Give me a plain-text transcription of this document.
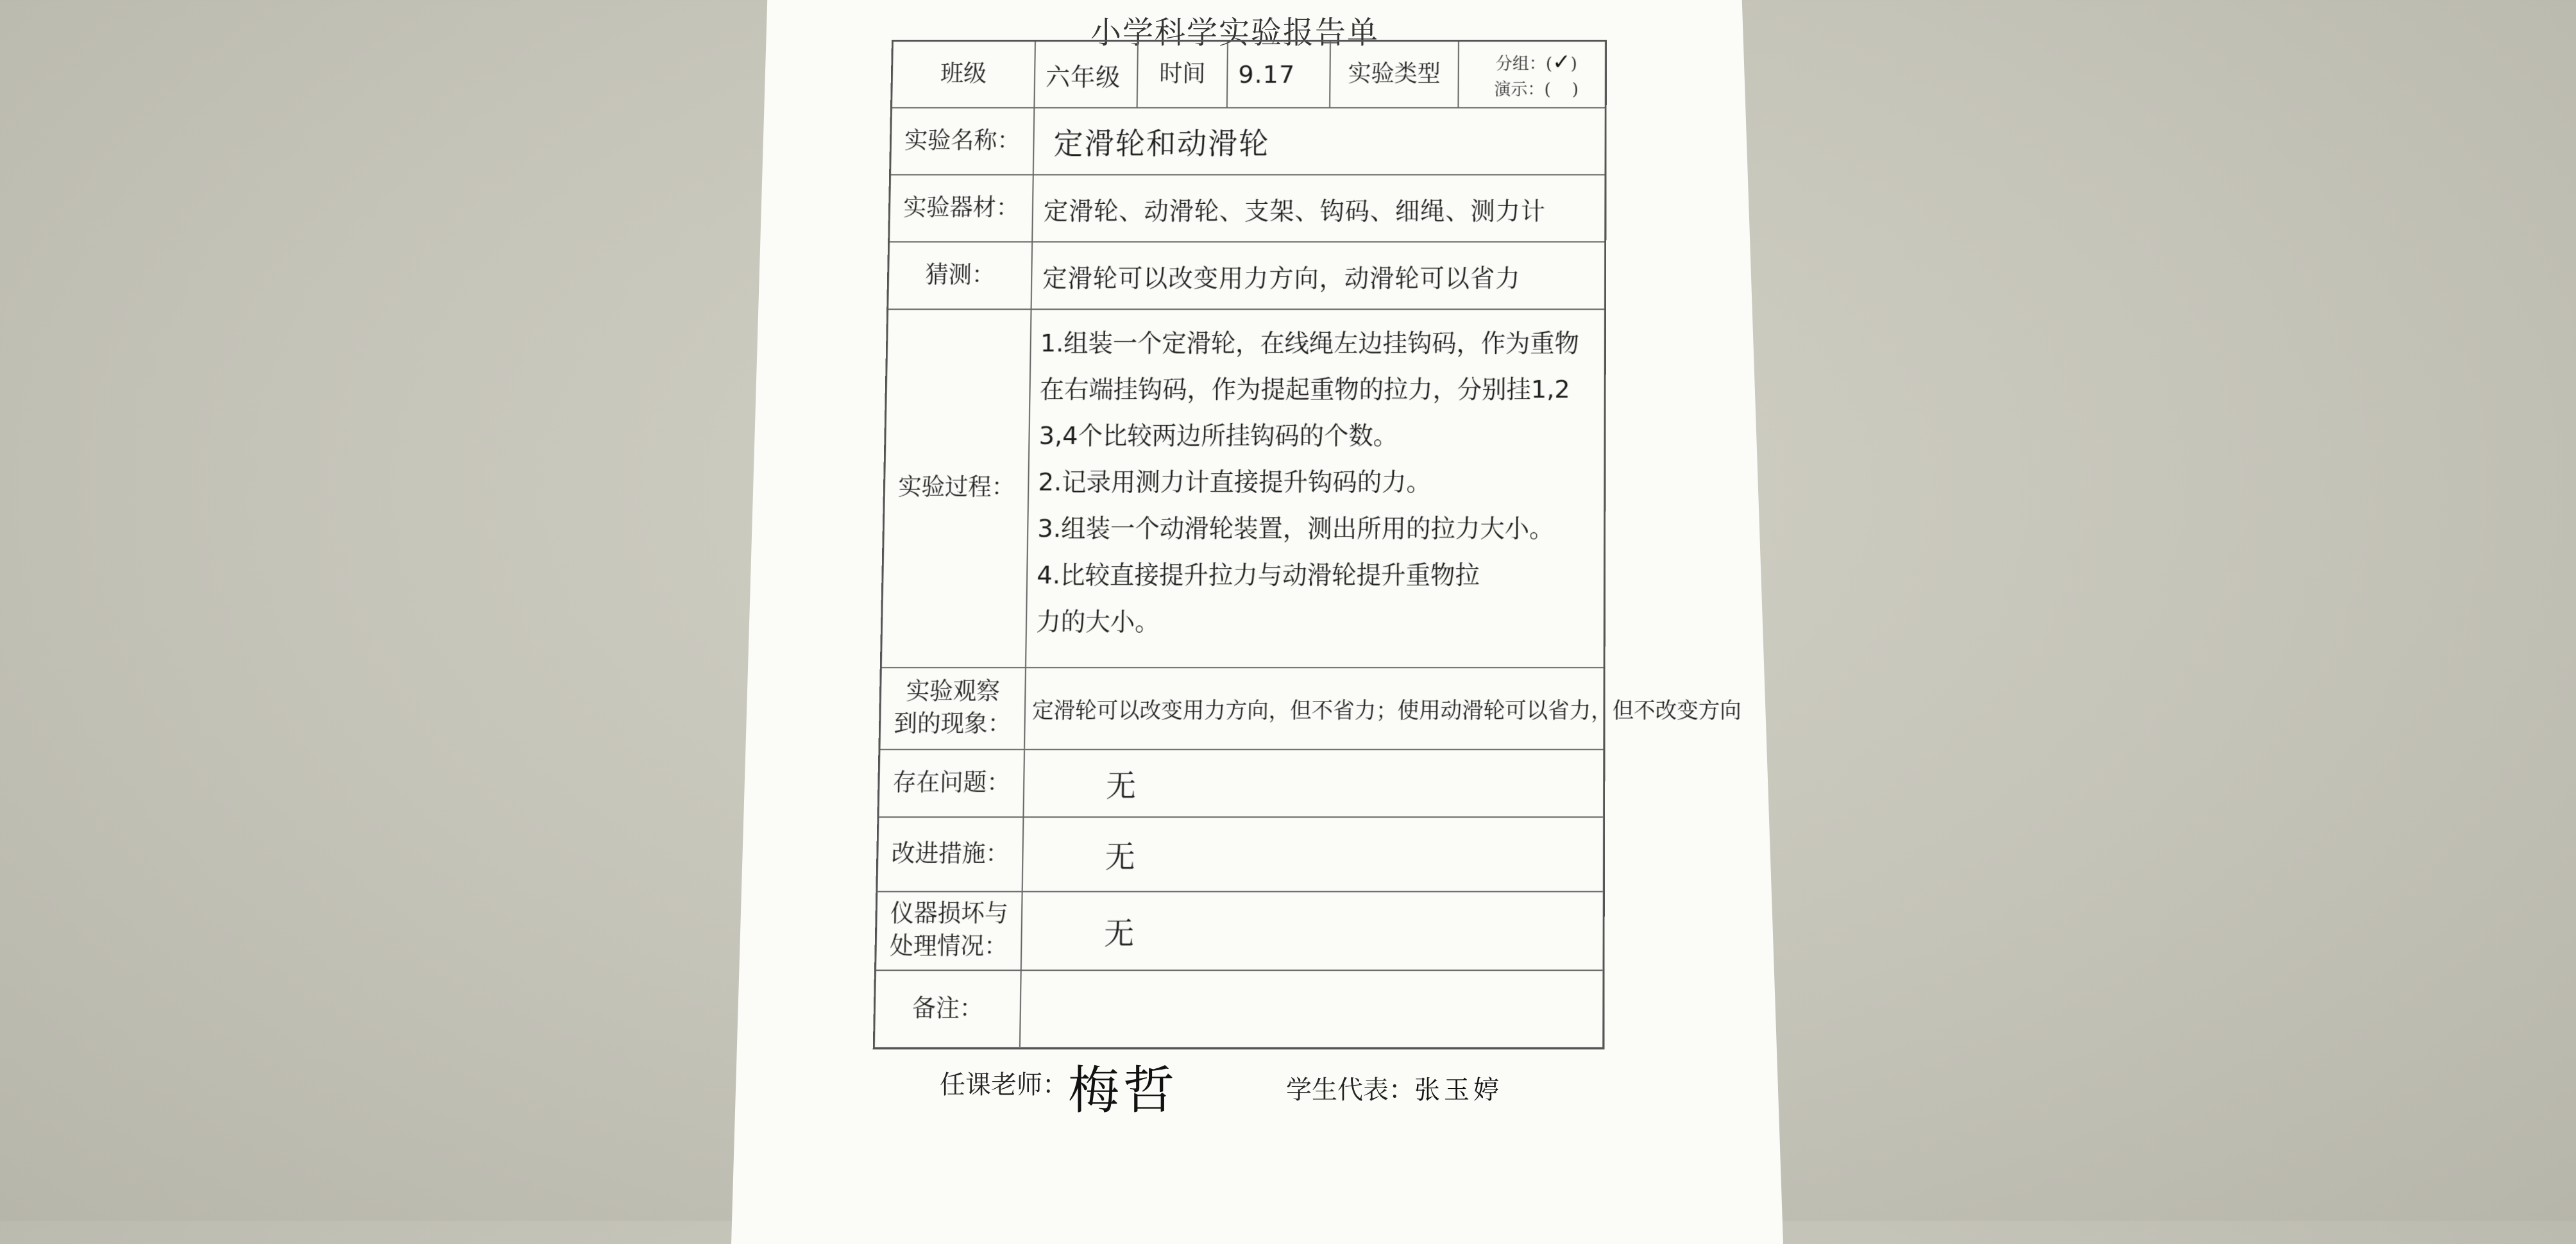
小学科学实验报告单
班级	六年级	时间	9.17	实验类型	分组：(✓)
演示：( )
实验名称：	定滑轮和动滑轮
实验器材： 定滑轮、动滑轮、支架、钩码、细绳、测力计
猜测：	定滑轮可以改变用力方向，动滑轮可以省力
实验过程：
1.组装一个定滑轮，在线绳左边挂钩码，作为重物
在右端挂钩码，作为提起重物的拉力，分别挂1,2
3,4个比较两边所挂钩码的个数。
2.记录用测力计直接提升钩码的力。
3.组装一个动滑轮装置，测出所用的拉力大小。
4.比较直接提升拉力与动滑轮提升重物拉
力的大小。
实验观察
到的现象：
定滑轮可以改变用力方向，但不省力；使用动滑轮可以省力，但不改变方向
存在问题：	无
改进措施：	无
仪器损坏与
处理情况：	无
备注：
任课老师： 梅哲	学生代表： 张玉婷
